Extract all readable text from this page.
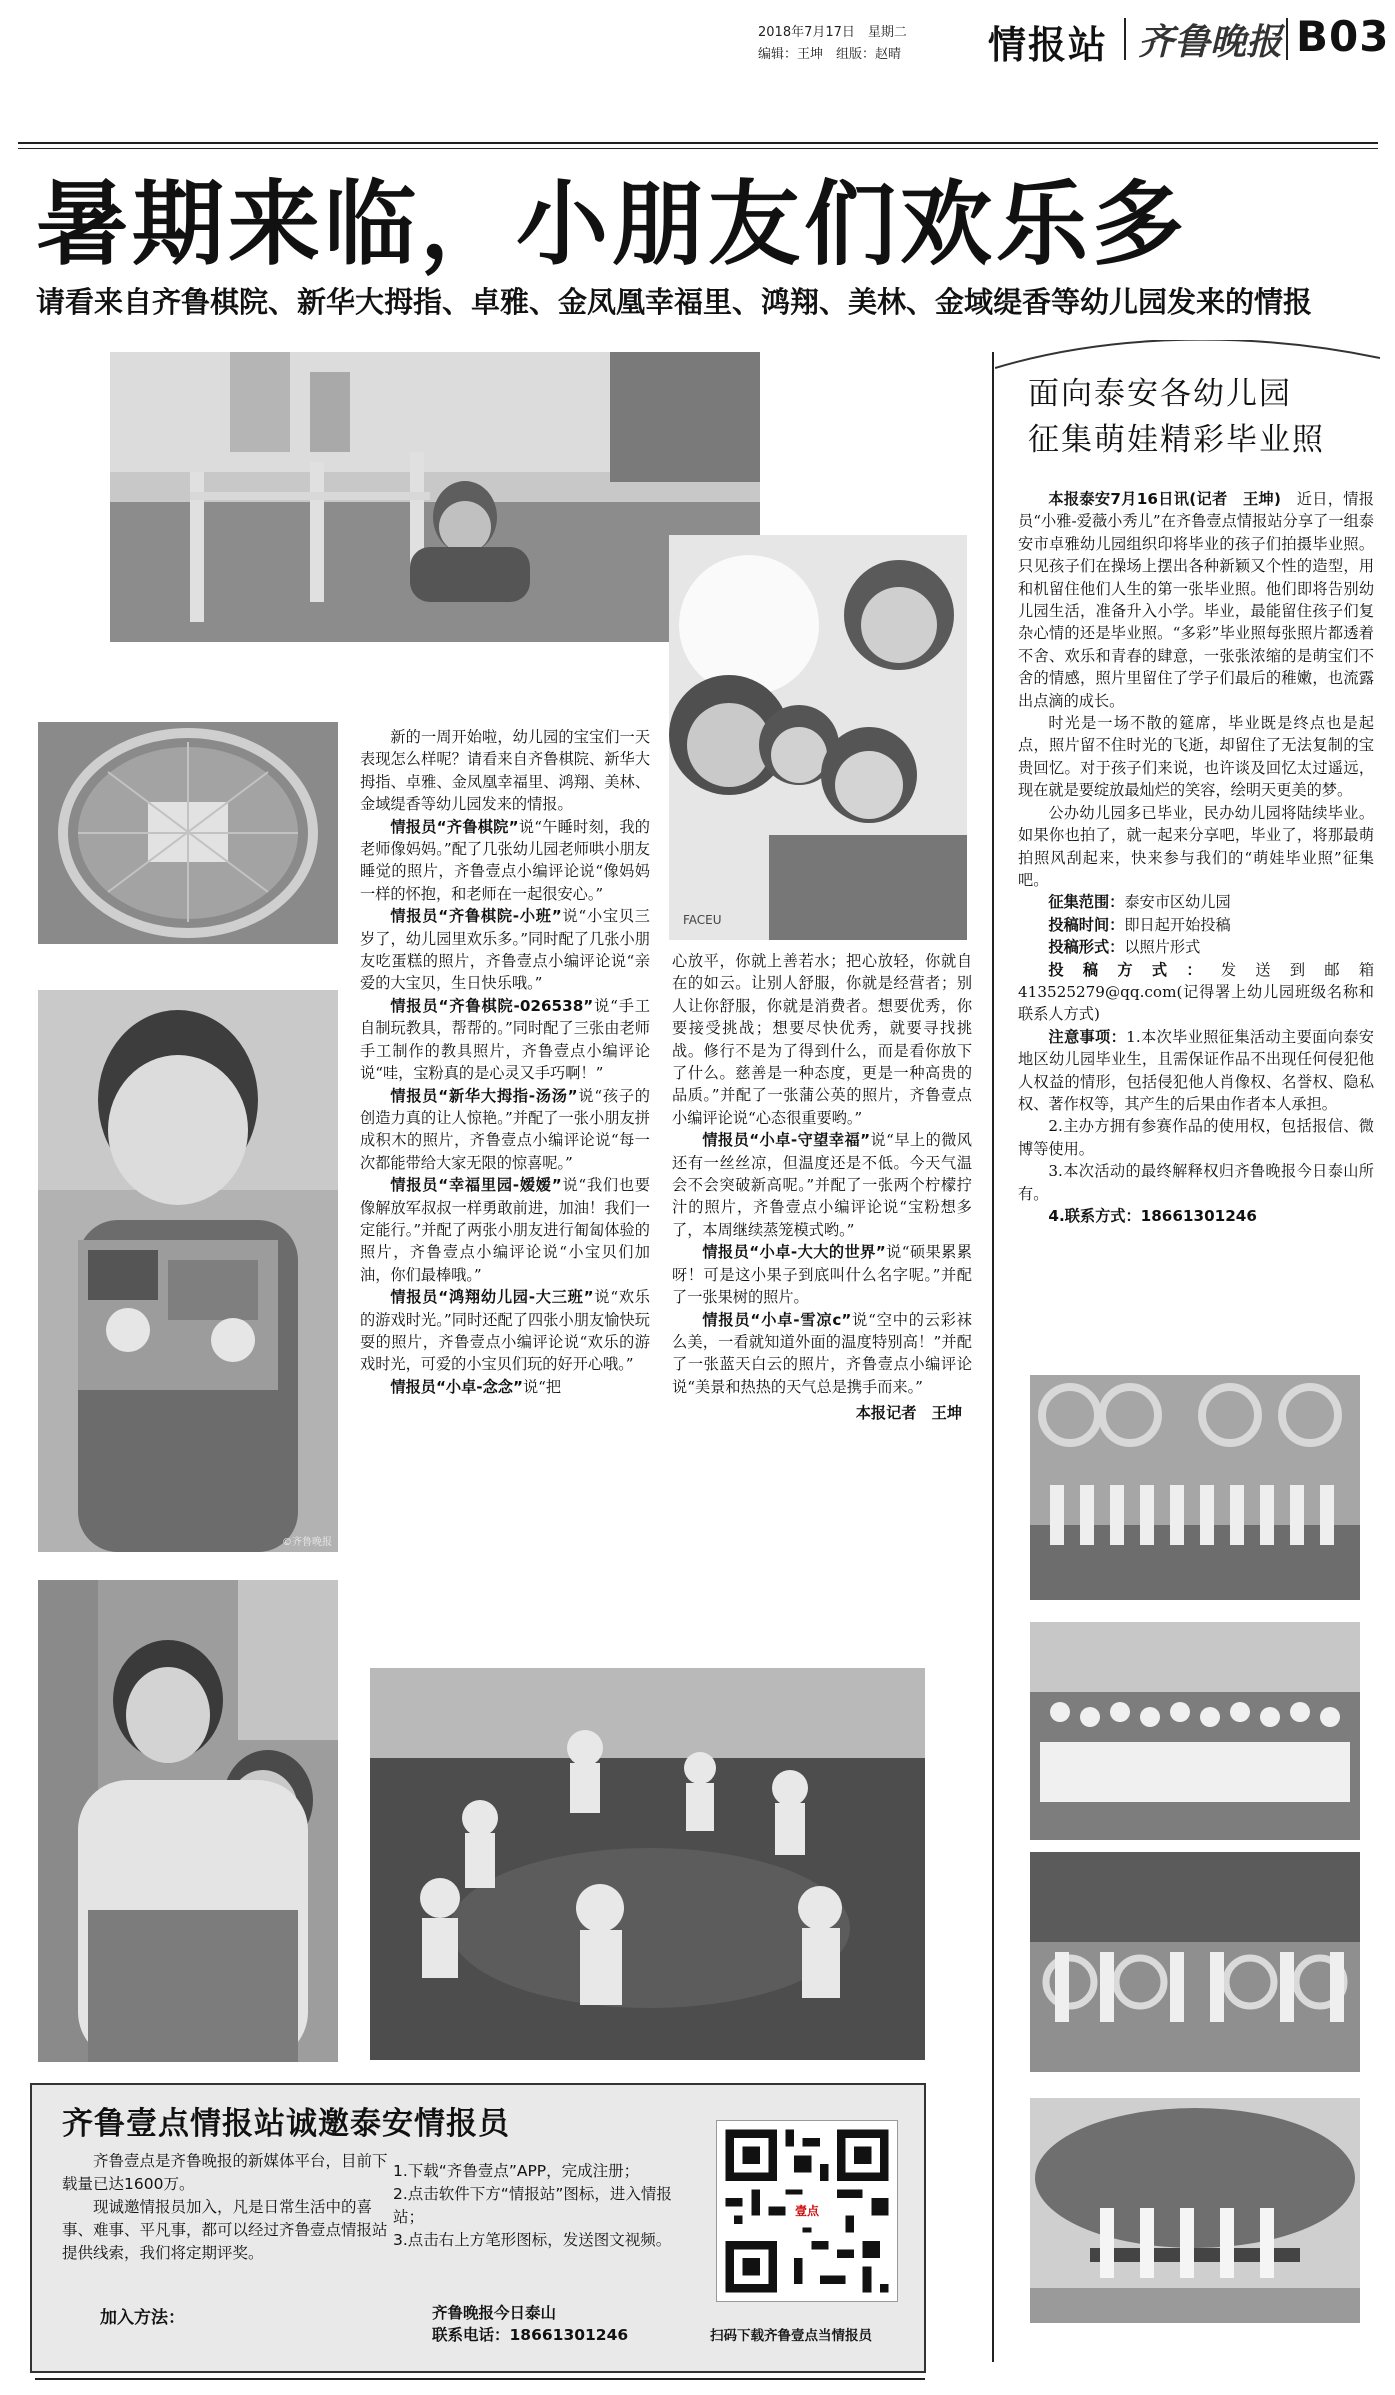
2018年7月17日　星期二
编辑：王坤　组版：赵晴 情报站 齐鲁晚报 B03
暑期来临，小朋友们欢乐多
请看来自齐鲁棋院、新华大拇指、卓雅、金凤凰幸福里、鸿翔、美林、金域缇香等幼儿园发来的情报
FACEU
©齐鲁晚报

新的一周开始啦，幼儿园的宝宝们一天表现怎么样呢？请看来自齐鲁棋院、新华大拇指、卓雅、金凤凰幸福里、鸿翔、美林、金域缇香等幼儿园发来的情报。

情报员“齐鲁棋院”说“午睡时刻，我的老师像妈妈。”配了几张幼儿园老师哄小朋友睡觉的照片，齐鲁壹点小编评论说“像妈妈一样的怀抱，和老师在一起很安心。”

情报员“齐鲁棋院-小班”说“小宝贝三岁了，幼儿园里欢乐多。”同时配了几张小朋友吃蛋糕的照片，齐鲁壹点小编评论说“亲爱的大宝贝，生日快乐哦。”

情报员“齐鲁棋院-026538”说“手工自制玩教具，帮帮的。”同时配了三张由老师手工制作的教具照片，齐鲁壹点小编评论说“哇，宝粉真的是心灵又手巧啊！”

情报员“新华大拇指-汤汤”说“孩子的创造力真的让人惊艳。”并配了一张小朋友拼成积木的照片，齐鲁壹点小编评论说“每一次都能带给大家无限的惊喜呢。”

情报员“幸福里园-嫒嫒”说“我们也要像解放军叔叔一样勇敢前进，加油！我们一定能行。”并配了两张小朋友进行匍匐体验的照片，齐鲁壹点小编评论说“小宝贝们加油，你们最棒哦。”

情报员“鸿翔幼儿园-大三班”说“欢乐的游戏时光。”同时还配了四张小朋友愉快玩耍的照片，齐鲁壹点小编评论说“欢乐的游戏时光，可爱的小宝贝们玩的好开心哦。”

情报员“小卓-念念”说“把

心放平，你就上善若水；把心放轻，你就自在的如云。让别人舒服，你就是经营者；别人让你舒服，你就是消费者。想要优秀，你要接受挑战；想要尽快优秀，就要寻找挑战。修行不是为了得到什么，而是看你放下了什么。慈善是一种态度，更是一种高贵的品质。”并配了一张蒲公英的照片，齐鲁壹点小编评论说“心态很重要哟。”

情报员“小卓-守望幸福”说“早上的微风还有一丝丝凉，但温度还是不低。今天气温会不会突破新高呢。”并配了一张两个柠檬拧汁的照片，齐鲁壹点小编评论说“宝粉想多了，本周继续蒸笼模式哟。”

情报员“小卓-大大的世界”说“硕果累累呀！可是这小果子到底叫什么名字呢。”并配了一张果树的照片。

情报员“小卓-雪凉c”说“空中的云彩袜么美，一看就知道外面的温度特别高！”并配了一张蓝天白云的照片，齐鲁壹点小编评论说“美景和热热的天气总是携手而来。”

本报记者　王坤
面向泰安各幼儿园
征集萌娃精彩毕业照

本报泰安7月16日讯(记者　王坤)　 近日，情报员“小雅-爱薇小秀儿”在齐鲁壹点情报站分享了一组泰安市卓雅幼儿园组织印将毕业的孩子们拍摄毕业照。只见孩子们在操场上摆出各种新颖又个性的造型，用和机留住他们人生的第一张毕业照。他们即将告别幼儿园生活，准备升入小学。毕业，最能留住孩子们复杂心情的还是毕业照。“多彩”毕业照每张照片都透着不舍、欢乐和青春的肆意，一张张浓缩的是萌宝们不舍的情感，照片里留住了学子们最后的稚嫩，也流露出点滴的成长。

时光是一场不散的筵席，毕业既是终点也是起点，照片留不住时光的飞逝，却留住了无法复制的宝贵回忆。对于孩子们来说，也许谈及回忆太过遥远，现在就是要绽放最灿烂的笑容，绘明天更美的梦。

公办幼儿园多已毕业，民办幼儿园将陆续毕业。如果你也拍了，就一起来分享吧，毕业了，将那最萌拍照风刮起来，快来参与我们的“萌娃毕业照”征集吧。

征集范围：泰安市区幼儿园

投稿时间：即日起开始投稿

投稿形式：以照片形式

投稿方式：发送到邮箱413525279@qq.com(记得署上幼儿园班级名称和联系人方式)

注意事项：1.本次毕业照征集活动主要面向泰安地区幼儿园毕业生，且需保证作品不出现任何侵犯他人权益的情形，包括侵犯他人肖像权、名誉权、隐私权、著作权等，其产生的后果由作者本人承担。

2.主办方拥有参赛作品的使用权，包括报信、微博等使用。

3.本次活动的最终解释权归齐鲁晚报今日泰山所有。

4.联系方式：18661301246

齐鲁壹点情报站诚邀泰安情报员

齐鲁壹点是齐鲁晚报的新媒体平台，目前下载量已达1600万。

现诚邀情报员加入，凡是日常生活中的喜事、难事、平凡事，都可以经过齐鲁壹点情报站提供线索，我们将定期评奖。

加入方法：

1.下载“齐鲁壹点”APP，完成注册；

2.点击软件下方“情报站”图标，进入情报站；

3.点击右上方笔形图标，发送图文视频。

齐鲁晚报今日泰山
联系电话：18661301246
壹点
扫码下载齐鲁壹点当情报员
